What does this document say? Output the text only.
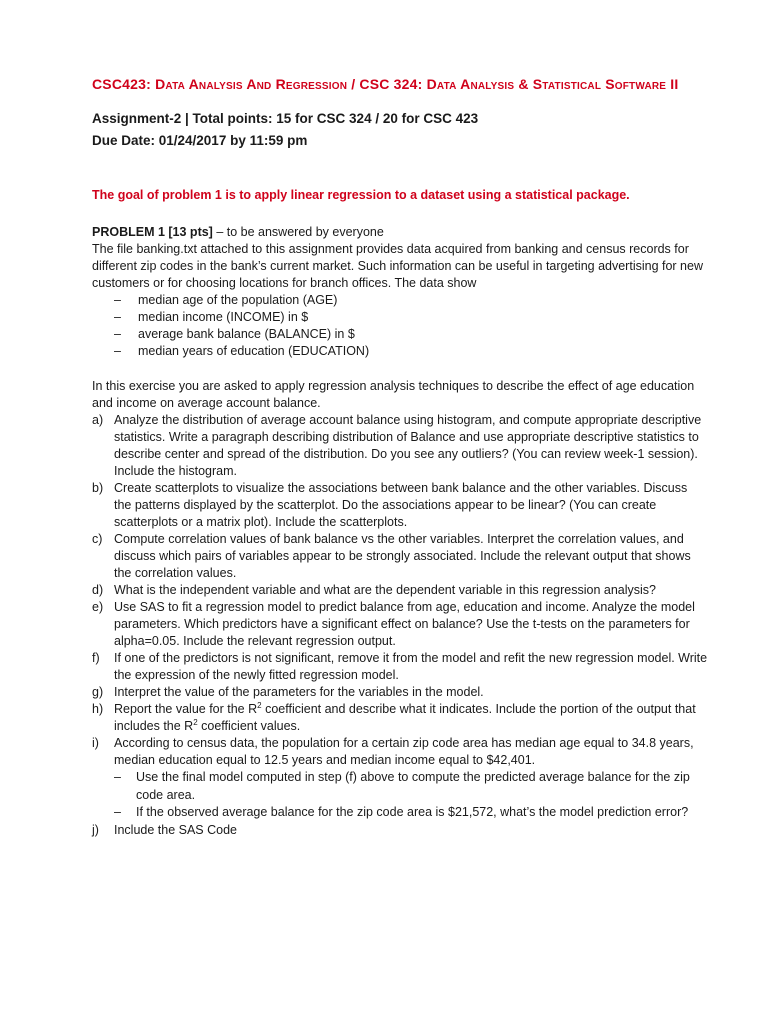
CSC423: Data Analysis And Regression / CSC 324: Data Analysis & Statistical Software II

Assignment-2 | Total points: 15 for CSC 324 / 20 for CSC 423

Due Date: 01/24/2017 by 11:59 pm

The goal of problem 1 is to apply linear regression to a dataset using a statistical package.

PROBLEM 1 [13 pts] – to be answered by everyone

The file banking.txt attached to this assignment provides data acquired from banking and census records for different zip codes in the bank’s current market. Such information can be useful in targeting advertising for new customers or for choosing locations for branch offices. The data show

–	median age of the population (AGE)
–	median income (INCOME) in $
–	average bank balance (BALANCE) in $
–	median years of education (EDUCATION)

In this exercise you are asked to apply regression analysis techniques to describe the effect of age education and income on average account balance.

a) Analyze the distribution of average account balance using histogram, and compute appropriate descriptive statistics. Write a paragraph describing distribution of Balance and use appropriate descriptive statistics to describe center and spread of the distribution. Do you see any outliers? (You can review week-1 session). Include the histogram.
b) Create scatterplots to visualize the associations between bank balance and the other variables. Discuss the patterns displayed by the scatterplot. Do the associations appear to be linear? (You can create scatterplots or a matrix plot). Include the scatterplots.
c) Compute correlation values of bank balance vs the other variables. Interpret the correlation values, and discuss which pairs of variables appear to be strongly associated. Include the relevant output that shows the correlation values.
d) What is the independent variable and what are the dependent variable in this regression analysis?
e) Use SAS to fit a regression model to predict balance from age, education and income. Analyze the model parameters. Which predictors have a significant effect on balance? Use the t-tests on the parameters for alpha=0.05. Include the relevant regression output.
f)	If one of the predictors is not significant, remove it from the model and refit the new regression model. Write the expression of the newly fitted regression model.
g) Interpret the value of the parameters for the variables in the model.
h) Report the value for the $R^2$ coefficient and describe what it indicates. Include the portion of the output that includes the $R^2$ coefficient values.
i)	According to census data, the population for a certain zip code area has median age equal to 34.8 years, median education equal to 12.5 years and median income equal to $42,401.
–	Use the final model computed in step (f) above to compute the predicted average balance for the zip code area.
–	If the observed average balance for the zip code area is $21,572, what’s the model prediction error?
j)	Include the SAS Code
